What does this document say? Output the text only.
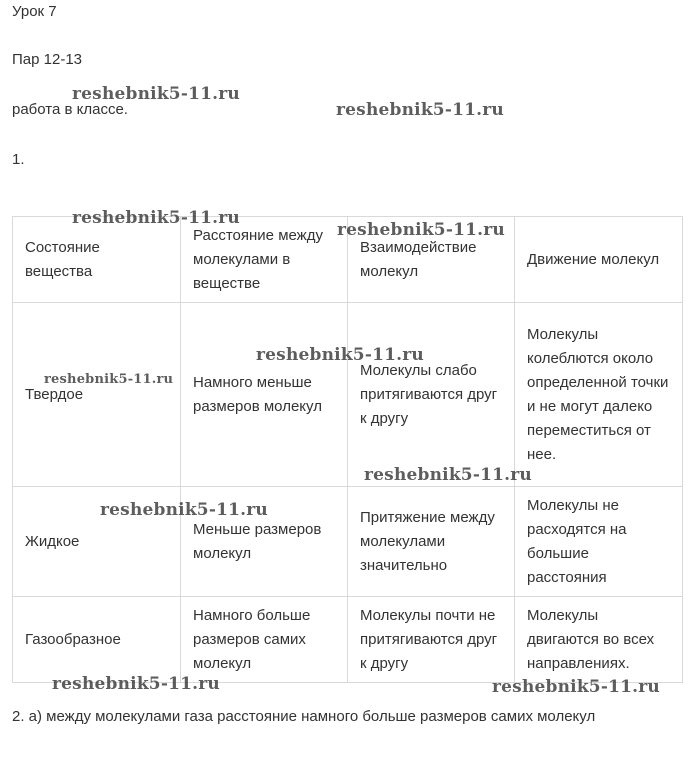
Урок 7
Пар 12-13
работа в классе.
1.
Состояние вещества	Расстояние между молекулами в веществе	Взаимодействие молекул	Движение молекул
Твердое	Намного меньше размеров молекул	Молекулы слабо притягиваются друг к другу	Молекулы колеблются около определенной точки и не могут далеко переместиться от нее.
Жидкое	Меньше размеров молекул	Притяжение между молекулами значительно	Молекулы не расходятся на большие расстояния
Газообразное	Намного больше размеров самих молекул	Молекулы почти не притягиваются друг к другу	Молекулы двигаются во всех направлениях.
2. а) между молекулами газа расстояние намного больше размеров самих молекул
reshebnik5-11.ru
reshebnik5-11.ru
reshebnik5-11.ru
reshebnik5-11.ru
reshebnik5-11.ru
reshebnik5-11.ru
reshebnik5-11.ru
reshebnik5-11.ru
reshebnik5-11.ru	reshebnik5-11.ru
